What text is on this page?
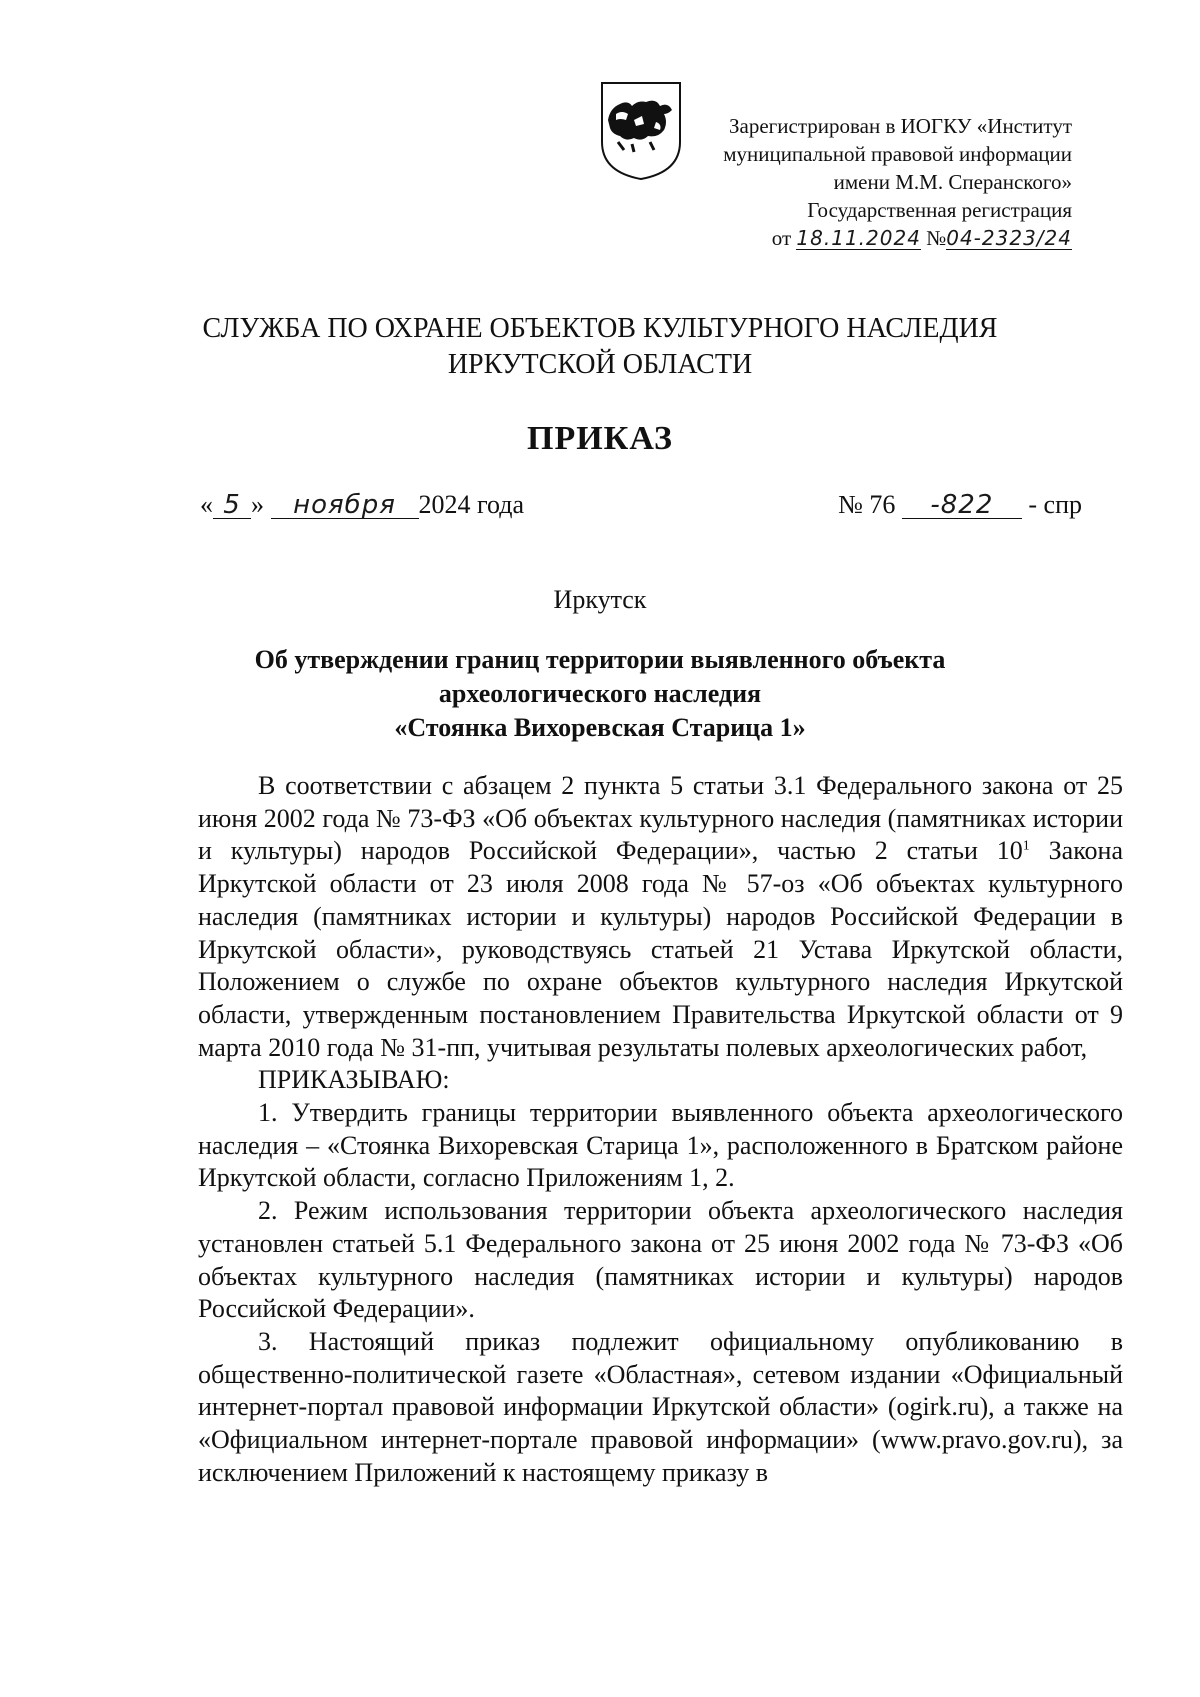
Зарегистрирован в ИОГКУ «Институт
муниципальной правовой информации
имени М.М. Сперанского»
Государственная регистрация
от 18.11.2024 №04-2323/24
СЛУЖБА ПО ОХРАНЕ ОБЪЕКТОВ КУЛЬТУРНОГО НАСЛЕДИЯ
ИРКУТСКОЙ ОБЛАСТИ
ПРИКАЗ
« 5 » ноября 2024 года	№ 76 -822 - спр
Иркутск
Об утверждении границ территории выявленного объекта
археологического наследия
«Стоянка Вихоревская Старица 1»

В соответствии с абзацем 2 пункта 5 статьи 3.1 Федерального закона от 25 июня 2002 года № 73-ФЗ «Об объектах культурного наследия (памятниках истории и культуры) народов Российской Федерации», частью 2 статьи $10^1$ Закона Иркутской области от 23 июля 2008 года № 57-оз «Об объектах культурного наследия (памятниках истории и культуры) народов Российской Федерации в Иркутской области», руководствуясь статьей 21 Устава Иркутской области, Положением о службе по охране объектов культурного наследия Иркутской области, утвержденным постановлением Правительства Иркутской области от 9 марта 2010 года № 31-пп, учитывая результаты полевых археологических работ,

ПРИКАЗЫВАЮ:

1. Утвердить границы территории выявленного объекта археологического наследия – «Стоянка Вихоревская Старица 1», расположенного в Братском районе Иркутской области, согласно Приложениям 1, 2.

2. Режим использования территории объекта археологического наследия установлен статьей 5.1 Федерального закона от 25 июня 2002 года № 73-ФЗ «Об объектах культурного наследия (памятниках истории и культуры) народов Российской Федерации».

3. Настоящий приказ подлежит официальному опубликованию в общественно-политической газете «Областная», сетевом издании «Официальный интернет-портал правовой информации Иркутской области» (ogirk.ru), а также на «Официальном интернет-портале правовой информации» (www.pravo.gov.ru), за исключением Приложений к настоящему приказу в
